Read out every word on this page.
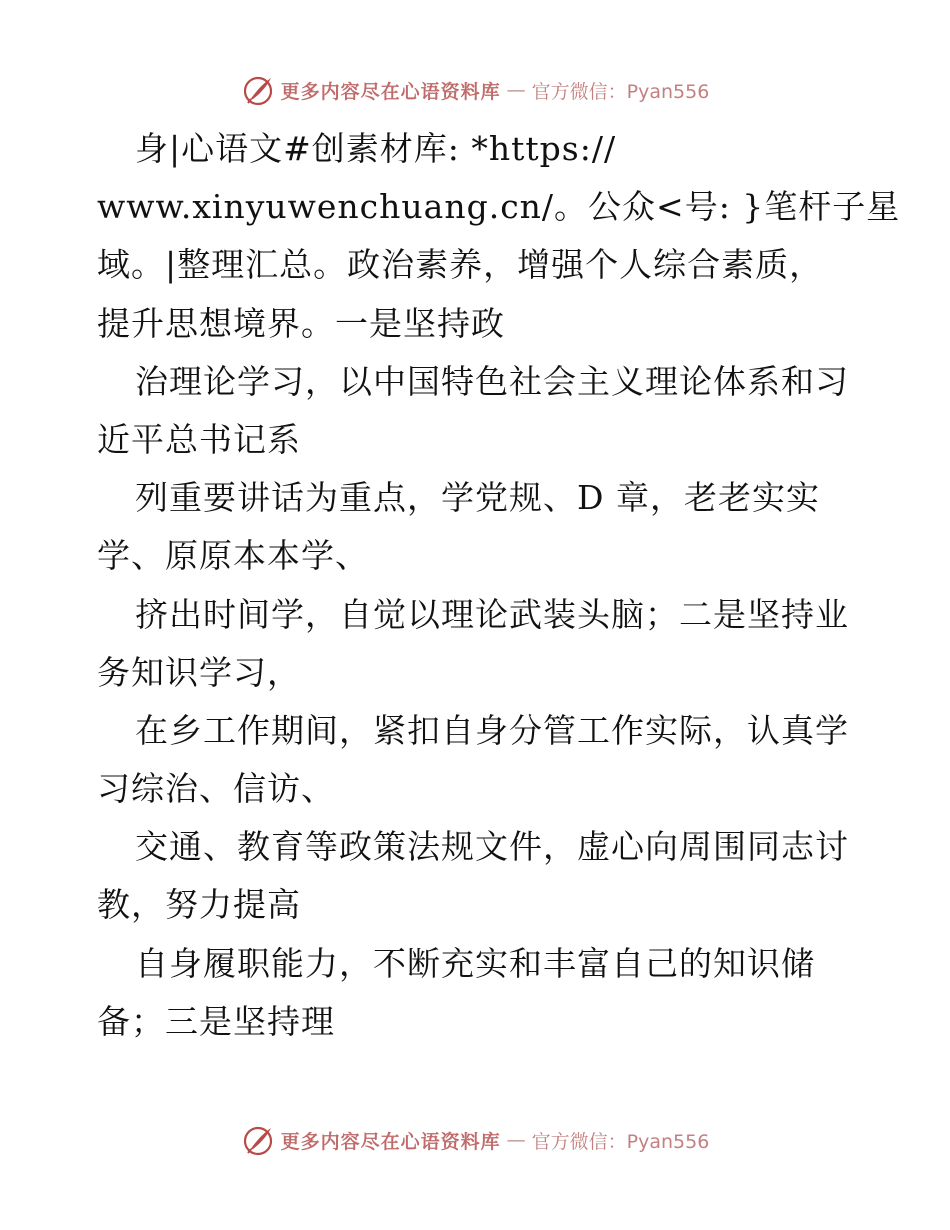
更多内容尽在心语资料库 — 官方微信：Pyan556
身|心语文#创素材库: *https://
www.xinyuwenchuang.cn/。公众<号: }笔杆子星
域。|整理汇总。政治素养，增强个人综合素质，
提升思想境界。一是坚持政
治理论学习，以中国特色社会主义理论体系和习
近平总书记系
列重要讲话为重点，学党规、D 章，老老实实
学、原原本本学、
挤出时间学，自觉以理论武装头脑；二是坚持业
务知识学习，
在乡工作期间，紧扣自身分管工作实际，认真学
习综治、信访、
交通、教育等政策法规文件，虚心向周围同志讨
教，努力提高
自身履职能力，不断充实和丰富自己的知识储
备；三是坚持理
更多内容尽在心语资料库 — 官方微信：Pyan556
